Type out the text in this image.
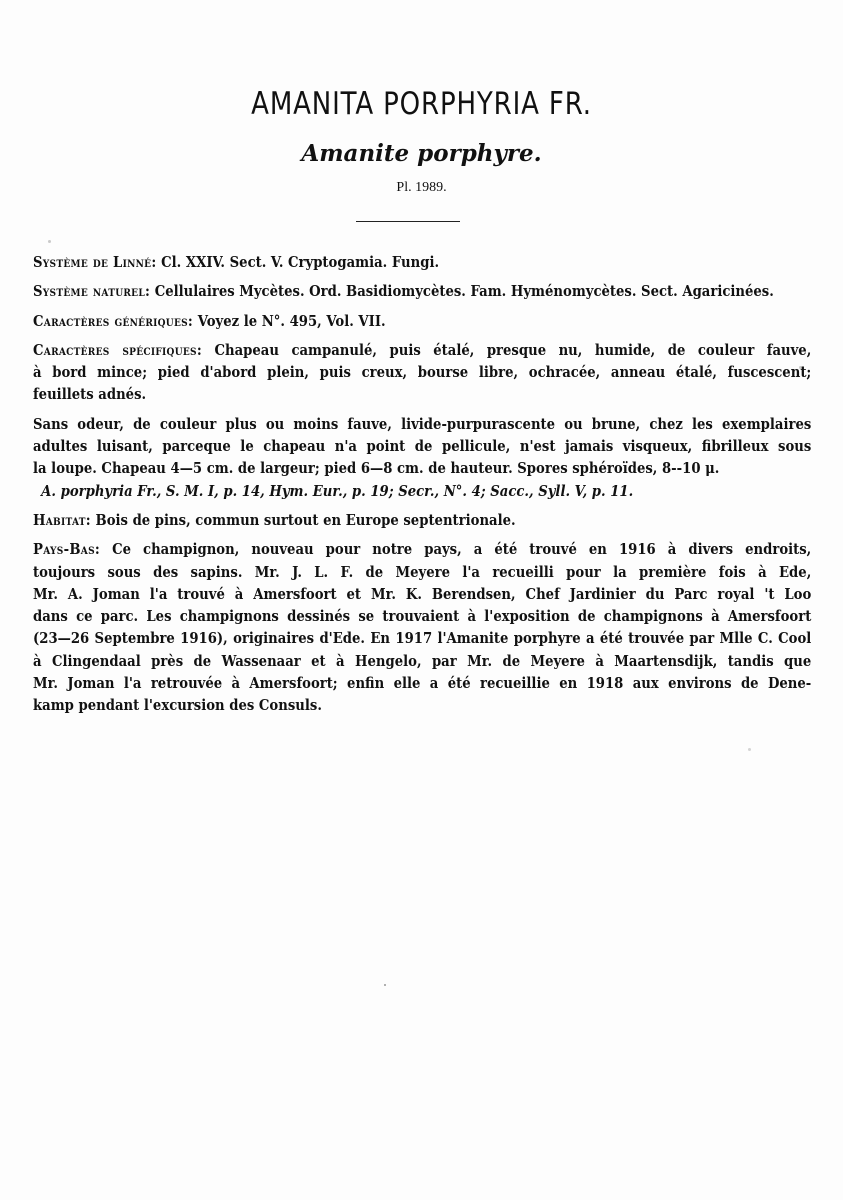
AMANITA PORPHYRIA FR.
Amanite porphyre.
Pl. 1989.

Système de Linné: Cl. XXIV. Sect. V. Cryptogamia. Fungi.

Système naturel: Cellulaires Mycètes. Ord. Basidiomycètes. Fam. Hyménomycètes. Sect. Agaricinées.

Caractères génériques: Voyez le N°. 495, Vol. VII.

Caractères spécifiques: Chapeau campanulé, puis étalé, presque nu, humide, de couleur fauve,
à bord mince; pied d'abord plein, puis creux, bourse libre, ochracée, anneau étalé, fuscescent;
feuillets adnés.

Sans odeur, de couleur plus ou moins fauve, livide-purpurascente ou brune, chez les exemplaires
adultes luisant, parceque le chapeau n'a point de pellicule, n'est jamais visqueux, fibrilleux sous
la loupe. Chapeau 4—5 cm. de largeur; pied 6—8 cm. de hauteur. Spores sphéroïdes, 8--10 μ.

A. porphyria Fr., S. M. I, p. 14, Hym. Eur., p. 19; Secr., N°. 4; Sacc., Syll. V, p. 11.

Habitat: Bois de pins, commun surtout en Europe septentrionale.

Pays-Bas: Ce champignon, nouveau pour notre pays, a été trouvé en 1916 à divers endroits,
toujours sous des sapins. Mr. J. L. F. de Meyere l'a recueilli pour la première fois à Ede,
Mr. A. Joman l'a trouvé à Amersfoort et Mr. K. Berendsen, Chef Jardinier du Parc royal 't Loo
dans ce parc. Les champignons dessinés se trouvaient à l'exposition de champignons à Amersfoort
(23—26 Septembre 1916), originaires d'Ede. En 1917 l'Amanite porphyre a été trouvée par Mlle C. Cool
à Clingendaal près de Wassenaar et à Hengelo, par Mr. de Meyere à Maartensdijk, tandis que
Mr. Joman l'a retrouvée à Amersfoort; enfin elle a été recueillie en 1918 aux environs de Dene-
kamp pendant l'excursion des Consuls.
